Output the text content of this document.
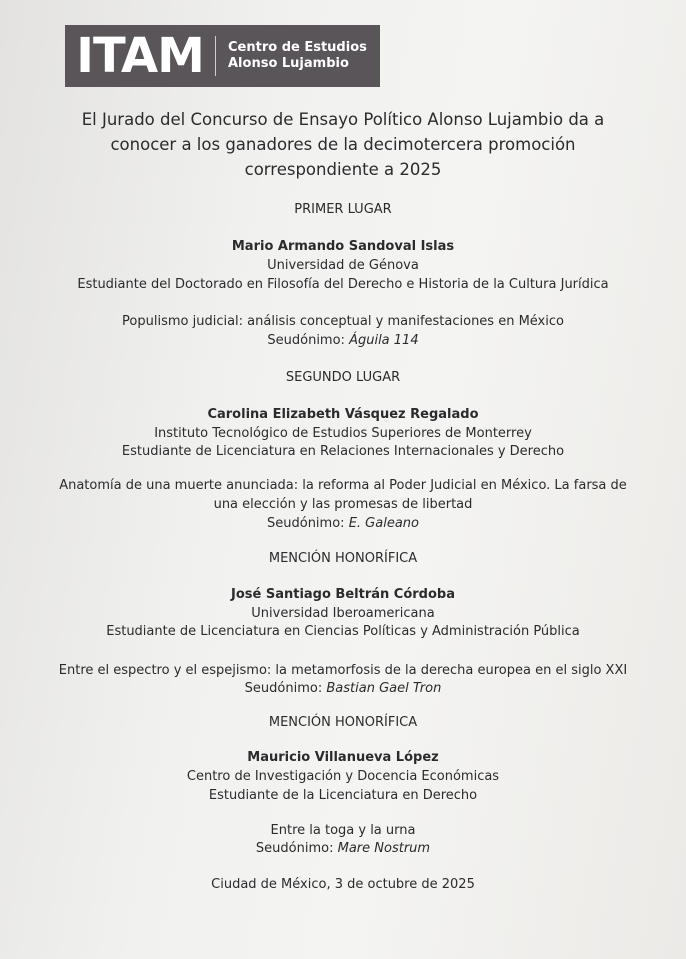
ITAM	Centro de Estudios
Alonso Lujambio
El Jurado del Concurso de Ensayo Político Alonso Lujambio da a
conocer a los ganadores de la decimotercera promoción
correspondiente a 2025
PRIMER LUGAR
Mario Armando Sandoval Islas
Universidad de Génova
Estudiante del Doctorado en Filosofía del Derecho e Historia de la Cultura Jurídica
Populismo judicial: análisis conceptual y manifestaciones en México
Seudónimo: Águila 114
SEGUNDO LUGAR
Carolina Elizabeth Vásquez Regalado
Instituto Tecnológico de Estudios Superiores de Monterrey
Estudiante de Licenciatura en Relaciones Internacionales y Derecho
Anatomía de una muerte anunciada: la reforma al Poder Judicial en México. La farsa de
una elección y las promesas de libertad
Seudónimo: E. Galeano
MENCIÓN HONORÍFICA
José Santiago Beltrán Córdoba
Universidad Iberoamericana
Estudiante de Licenciatura en Ciencias Políticas y Administración Pública
Entre el espectro y el espejismo: la metamorfosis de la derecha europea en el siglo XXI
Seudónimo: Bastian Gael Tron
MENCIÓN HONORÍFICA
Mauricio Villanueva López
Centro de Investigación y Docencia Económicas
Estudiante de la Licenciatura en Derecho
Entre la toga y la urna
Seudónimo: Mare Nostrum
Ciudad de México, 3 de octubre de 2025
